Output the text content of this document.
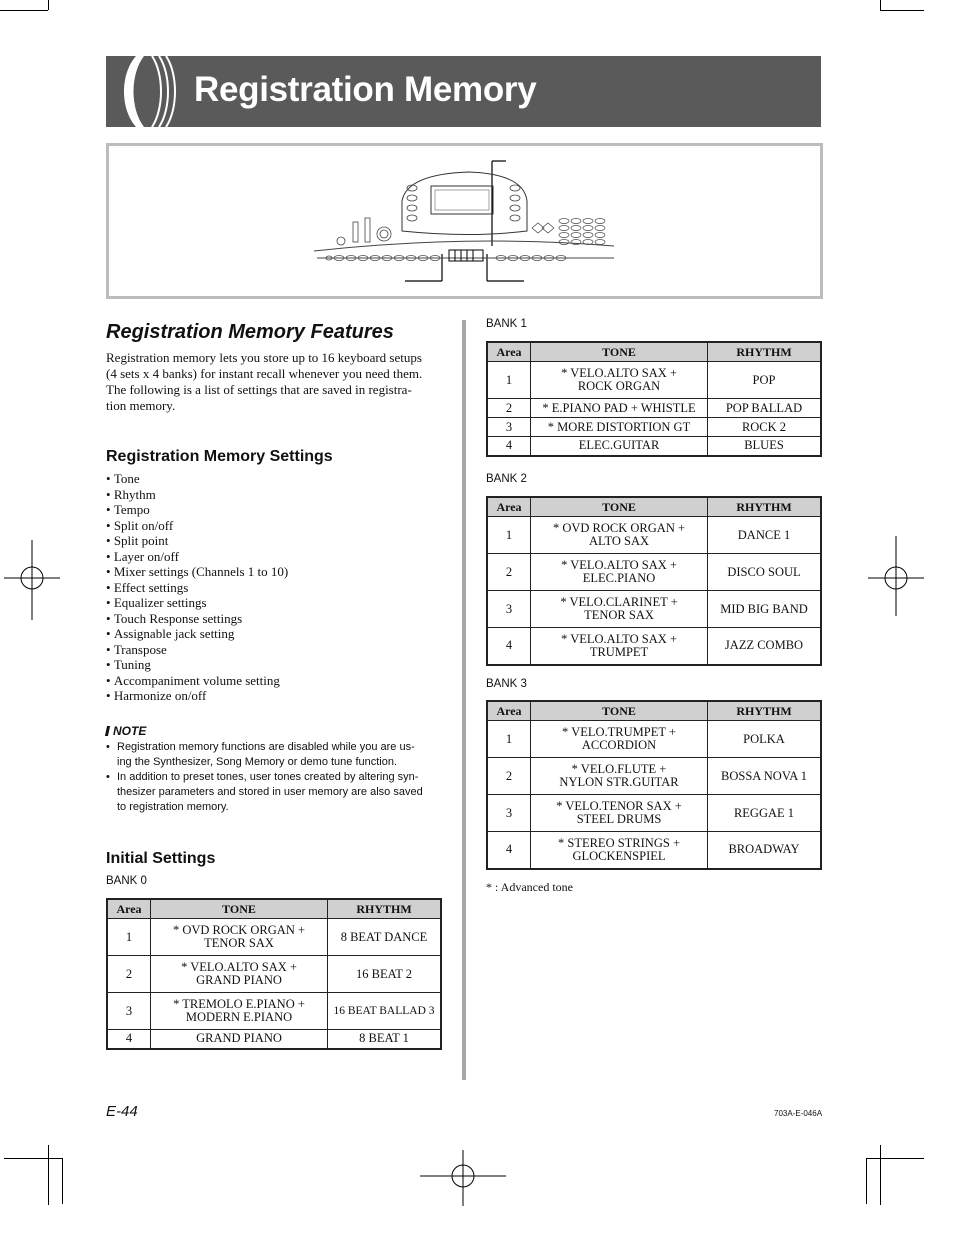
Registration Memory
Registration Memory Features
Registration memory lets you store up to 16 keyboard setups
(4 sets x 4 banks) for instant recall whenever you need them.
The following is a list of settings that are saved in registra-
tion memory.
Registration Memory Settings
• Tone
• Rhythm
• Tempo
• Split on/off
• Split point
• Layer on/off
• Mixer settings (Channels 1 to 10)
• Effect settings
• Equalizer settings
• Touch Response settings
• Assignable jack setting
• Transpose
• Tuning
• Accompaniment volume setting
• Harmonize on/off
NOTE
• Registration memory functions are disabled while you are us-
ing the Synthesizer, Song Memory or demo tune function.
• In addition to preset tones, user tones created by altering syn-
thesizer parameters and stored in user memory are also saved
to registration memory.
Initial Settings
BANK 0
Area	TONE	RHYTHM
1	* OVD ROCK ORGAN +
TENOR SAX	8 BEAT DANCE
2	* VELO.ALTO SAX +
GRAND PIANO	16 BEAT 2
3	* TREMOLO E.PIANO +
MODERN E.PIANO	16 BEAT BALLAD 3
4	GRAND PIANO	8 BEAT 1
BANK 1
Area	TONE	RHYTHM
1	* VELO.ALTO SAX +
ROCK ORGAN	POP
2	* E.PIANO PAD + WHISTLE	POP BALLAD
3	* MORE DISTORTION GT	ROCK 2
4	ELEC.GUITAR	BLUES
BANK 2
Area	TONE	RHYTHM
1	* OVD ROCK ORGAN +
ALTO SAX	DANCE 1
2	* VELO.ALTO SAX +
ELEC.PIANO	DISCO SOUL
3	* VELO.CLARINET +
TENOR SAX	MID BIG BAND
4	* VELO.ALTO SAX +
TRUMPET	JAZZ COMBO
BANK 3
Area	TONE	RHYTHM
1	* VELO.TRUMPET +
ACCORDION	POLKA
2	* VELO.FLUTE +
NYLON STR.GUITAR	BOSSA NOVA 1
3	* VELO.TENOR SAX +
STEEL DRUMS	REGGAE 1
4	* STEREO STRINGS +
GLOCKENSPIEL	BROADWAY
* : Advanced tone
E-44	703A-E-046A
